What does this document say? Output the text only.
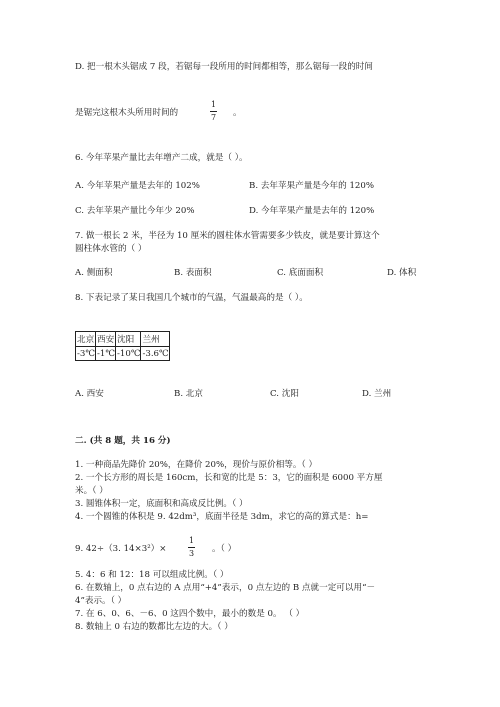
D. 把一根木头锯成 7 段，若锯每一段所用的时间都相等，那么锯每一段的时间
是锯完这根木头所用时间的
1
7 。
6. 今年苹果产量比去年增产二成，就是（ ）。
A. 今年苹果产量是去年的 102%	B. 去年苹果产量是今年的 120%
C. 去年苹果产量比今年少 20%	D. 今年苹果产量是去年的 120%
7. 做一根长 2 米，半径为 10 厘米的圆柱体水管需要多少铁皮，就是要计算这个
圆柱体水管的（ ）
A. 侧面积	B. 表面积	C. 底面面积	D. 体积
8. 下表记录了某日我国几个城市的气温，气温最高的是（ ）。
北京	西安	沈阳	兰州
-3℃	-1℃	-10℃	-3.6℃
A. 西安	B. 北京	C. 沈阳	D. 兰州
二. (共 8 题，共 16 分)
1. 一种商品先降价 20%，在降价 20%，现价与原价相等。（ ）
2. 一个长方形的周长是 160cm，长和宽的比是 5：3，它的面积是 6000 平方厘
米。（ ）
3. 圆锥体积一定，底面积和高成反比例。（ ）
4. 一个圆锥的体积是 9. 42dm³，底面半径是 3dm，求它的高的算式是：h=
9. 42÷（3. 14×3²）×
1
3 。（ ）
5. 4：6 和 12：18 可以组成比例。（ ）
6. 在数轴上，0 点右边的 A 点用“+4”表示，0 点左边的 B 点就一定可以用“－
4”表示。（ ）
7. 在 6、0、6、－6、0 这四个数中，最小的数是 0。 （ ）
8. 数轴上 0 右边的数都比左边的大。（ ）
